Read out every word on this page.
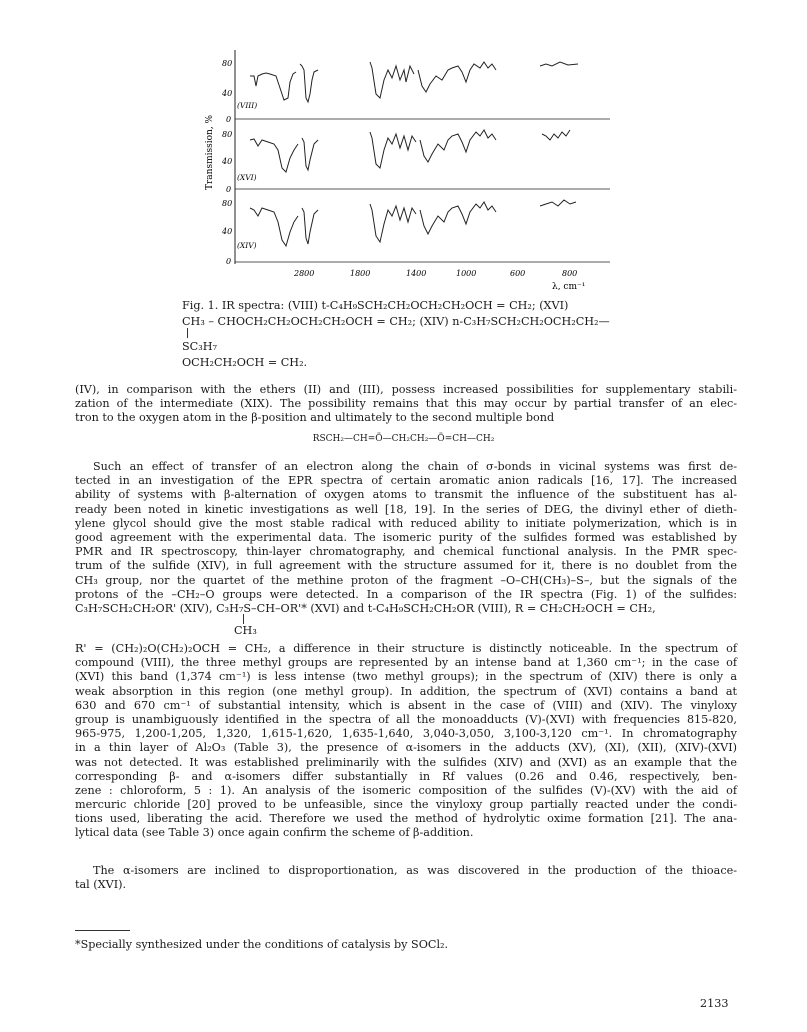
Transmission, %
80
40
0
(VIII)
80
40
0
(XVI)
80
40
0
(XIV)
2800	1800	1400	1000	600	800
λ, cm⁻¹
Fig. 1. IR spectra: (VIII) t-C₄H₉SCH₂CH₂OCH₂CH₂OCH = CH₂; (XVI)
CH₃ – CHOCH₂CH₂OCH₂CH₂OCH = CH₂; (XIV) n-C₃H₇SCH₂CH₂OCH₂CH₂—
SC₃H₇
OCH₂CH₂OCH = CH₂.
(IV), in comparison with the ethers (II) and (III), possess increased possibilities for supplementary stabili-
zation of the intermediate (XIX). The possibility remains that this may occur by partial transfer of an elec-
tron to the oxygen atom in the β-position and ultimately to the second multiple bond
RSCH₂—CH=Ö—CH₂CH₂—Ö=CH—CH₂
Such an effect of transfer of an electron along the chain of σ-bonds in vicinal systems was first de-
tected in an investigation of the EPR spectra of certain aromatic anion radicals [16, 17]. The increased
ability of systems with β-alternation of oxygen atoms to transmit the influence of the substituent has al-
ready been noted in kinetic investigations as well [18, 19]. In the series of DEG, the divinyl ether of dieth-
ylene glycol should give the most stable radical with reduced ability to initiate polymerization, which is in
good agreement with the experimental data. The isomeric purity of the sulfides formed was established by
PMR and IR spectroscopy, thin-layer chromatography, and chemical functional analysis. In the PMR spec-
trum of the sulfide (XIV), in full agreement with the structure assumed for it, there is no doublet from the
CH₃ group, nor the quartet of the methine proton of the fragment –O–CH(CH₃)–S–, but the signals of the
protons of the –CH₂–O groups were detected. In a comparison of the IR spectra (Fig. 1) of the sulfides:
C₃H₇SCH₂CH₂OR' (XIV), C₃H₇S–CH–OR'* (XVI) and t-C₄H₉SCH₂CH₂OR (VIII), R = CH₂CH₂OCH = CH₂,
CH₃
R' = (CH₂)₂O(CH₂)₂OCH = CH₂, a difference in their structure is distinctly noticeable. In the spectrum of
compound (VIII), the three methyl groups are represented by an intense band at 1,360 cm⁻¹; in the case of
(XVI) this band (1,374 cm⁻¹) is less intense (two methyl groups); in the spectrum of (XIV) there is only a
weak absorption in this region (one methyl group). In addition, the spectrum of (XVI) contains a band at
630 and 670 cm⁻¹ of substantial intensity, which is absent in the case of (VIII) and (XIV). The vinyloxy
group is unambiguously identified in the spectra of all the monoadducts (V)-(XVI) with frequencies 815-820,
965-975, 1,200-1,205, 1,320, 1,615-1,620, 1,635-1,640, 3,040-3,050, 3,100-3,120 cm⁻¹. In chromatography
in a thin layer of Al₂O₃ (Table 3), the presence of α-isomers in the adducts (XV), (XI), (XII), (XIV)-(XVI)
was not detected. It was established preliminarily with the sulfides (XIV) and (XVI) as an example that the
corresponding β- and α-isomers differ substantially in Rf values (0.26 and 0.46, respectively, ben-
zene : chloroform, 5 : 1). An analysis of the isomeric composition of the sulfides (V)-(XV) with the aid of
mercuric chloride [20] proved to be unfeasible, since the vinyloxy group partially reacted under the condi-
tions used, liberating the acid. Therefore we used the method of hydrolytic oxime formation [21]. The ana-
lytical data (see Table 3) once again confirm the scheme of β-addition.
The α-isomers are inclined to disproportionation, as was discovered in the production of the thioace-
tal (XVI).
*Specially synthesized under the conditions of catalysis by SOCl₂.
2133
